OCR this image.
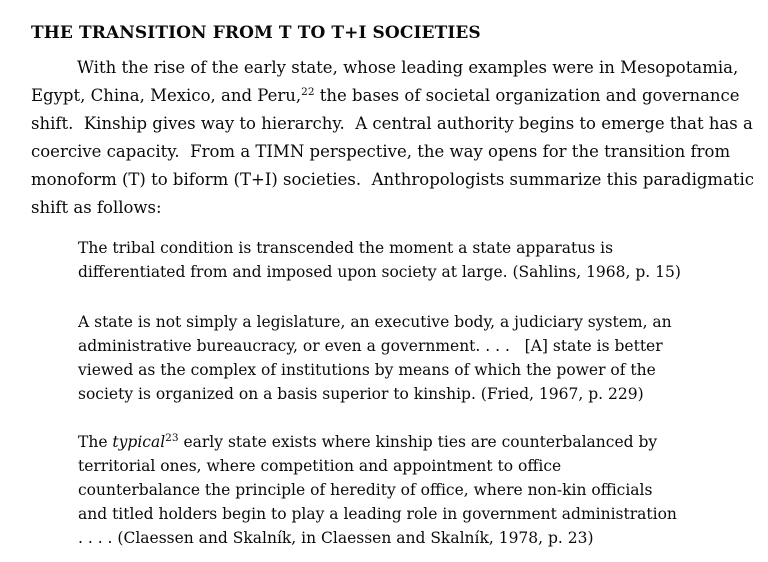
THE TRANSITION FROM T TO T+I SOCIETIES
With the rise of the early state, whose leading examples were in Mesopotamia,
Egypt, China, Mexico, and Peru,$^{22}$ the bases of societal organization and governance
shift.  Kinship gives way to hierarchy.  A central authority begins to emerge that has a
coercive capacity.  From a TIMN perspective, the way opens for the transition from
monoform (T) to biform (T+I) societies.  Anthropologists summarize this paradigmatic
shift as follows:
The tribal condition is transcended the moment a state apparatus is
differentiated from and imposed upon society at large. (Sahlins, 1968, p. 15)
A state is not simply a legislature, an executive body, a judiciary system, an
administrative bureaucracy, or even a government. . . .   [A] state is better
viewed as the complex of institutions by means of which the power of the
society is organized on a basis superior to kinship. (Fried, 1967, p. 229)
The typical$^{23}$ early state exists where kinship ties are counterbalanced by
territorial ones, where competition and appointment to office
counterbalance the principle of heredity of office, where non-kin officials
and titled holders begin to play a leading role in government administration
. . . . (Claessen and Skalník, in Claessen and Skalník, 1978, p. 23)
